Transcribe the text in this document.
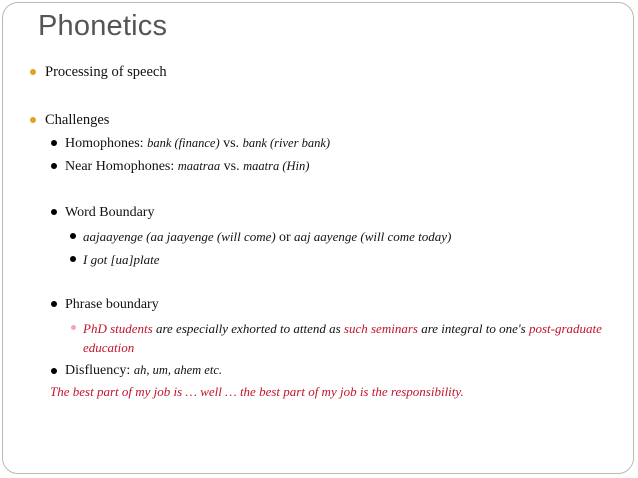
Phonetics
Processing of speech
Challenges
Homophones: bank (finance) vs. bank (river bank)
Near Homophones: maatraa vs. maatra (Hin)
Word Boundary
aajaayenge (aa jaayenge (will come) or aaj aayenge (will come today)
I got [ua]plate
Phrase boundary
PhD students are especially exhorted to attend as such seminars are integral to one's post-graduate
education
Disfluency: ah, um, ahem etc.
The best part of my job is … well … the best part of my job is the responsibility.
